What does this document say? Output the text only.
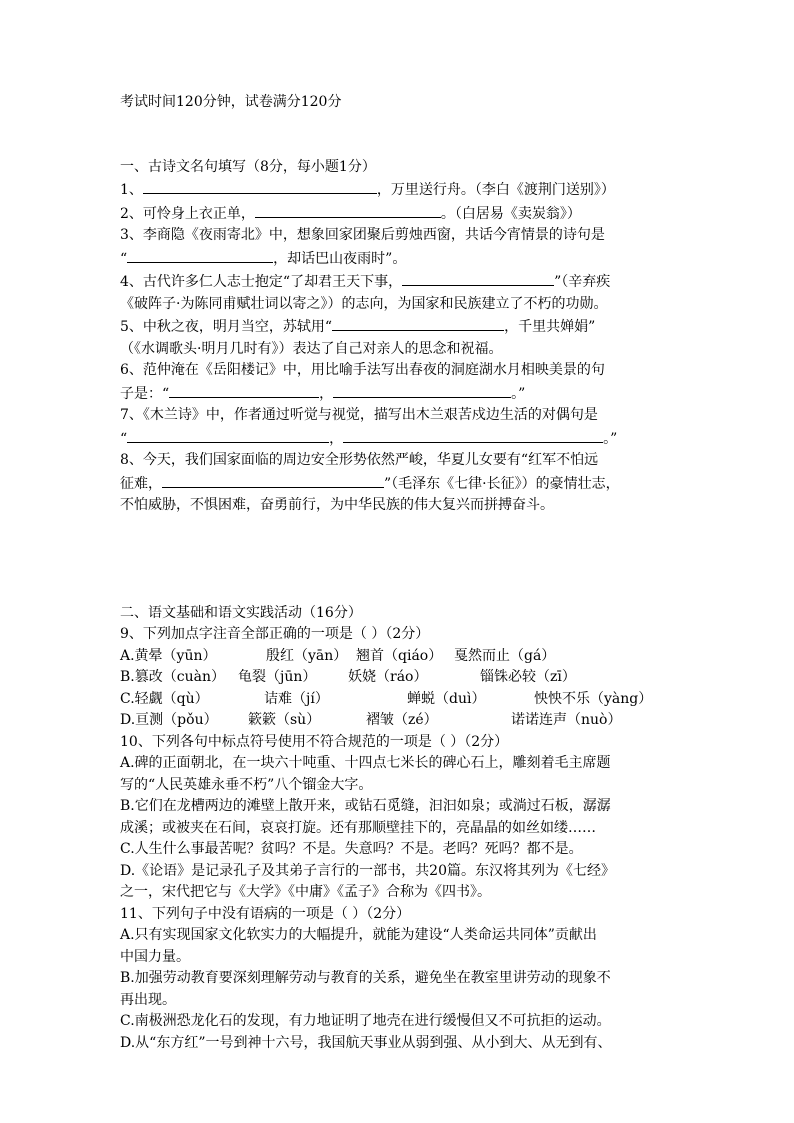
考试时间120分钟，试卷满分120分
一、古诗文名句填写（8分，每小题1分）
1、	，万里送行舟。（李白《渡荆门送别》）
2、可怜身上衣正单，	。（白居易《卖炭翁》）
3、李商隐《夜雨寄北》中，想象回家团聚后剪烛西窗，共话今宵情景的诗句是
“	，却话巴山夜雨时”。
4、古代许多仁人志士抱定“了却君王天下事，	”（辛弃疾
《破阵子·为陈同甫赋壮词以寄之》）的志向，为国家和民族建立了不朽的功勋。
5、中秋之夜，明月当空，苏轼用“	，千里共婵娟”
（《水调歌头·明月几时有》）表达了自己对亲人的思念和祝福。
6、范仲淹在《岳阳楼记》中，用比喻手法写出春夜的洞庭湖水月相映美景的句
子是：“	，	。”
7、《木兰诗》中，作者通过听觉与视觉，描写出木兰艰苦戍边生活的对偶句是
“	，	。”
8、今天，我们国家面临的周边安全形势依然严峻，华夏儿女要有“红军不怕远
征难，	”（毛泽东《七律·长征》）的豪情壮志，
不怕威胁，不惧困难，奋勇前行，为中华民族的伟大复兴而拼搏奋斗。
二、语文基础和语文实践活动（16分）
9、下列加点字注音全部正确的一项是（ ）（2分）
A.黄晕（yūn）	殷红（yān） 翘首（qiáo） 戛然而止（gá）
B.篡改（cuàn） 龟裂（jūn） 妖娆（ráo）	锱铢必较（zī）
C.轻觑（qù）	诘难（jí）	蝉蜕（duì）	怏怏不乐（yàng）
D.亘测（pǒu） 簌簌（sù）	褶皱（zé）	诺诺连声（nuò）
10、下列各句中标点符号使用不符合规范的一项是（ ）（2分）
A.碑的正面朝北，在一块六十吨重、十四点七米长的碑心石上，雕刻着毛主席题
写的“人民英雄永垂不朽”八个镏金大字。
B.它们在龙槽两边的滩壁上散开来，或钻石觅缝，汩汩如泉；或淌过石板，潺潺
成溪；或被夹在石间，哀哀打旋。还有那顺壁挂下的，亮晶晶的如丝如缕……
C.人生什么事最苦呢？贫吗？不是。失意吗？不是。老吗？死吗？都不是。
D.《论语》是记录孔子及其弟子言行的一部书，共20篇。东汉将其列为《七经》
之一，宋代把它与《大学》《中庸》《孟子》合称为《四书》。
11、下列句子中没有语病的一项是（ ）（2分）
A.只有实现国家文化软实力的大幅提升，就能为建设“人类命运共同体”贡献出
中国力量。
B.加强劳动教育要深刻理解劳动与教育的关系，避免坐在教室里讲劳动的现象不
再出现。
C.南极洲恐龙化石的发现，有力地证明了地壳在进行缓慢但又不可抗拒的运动。
D.从“东方红”一号到神十六号，我国航天事业从弱到强、从小到大、从无到有、
